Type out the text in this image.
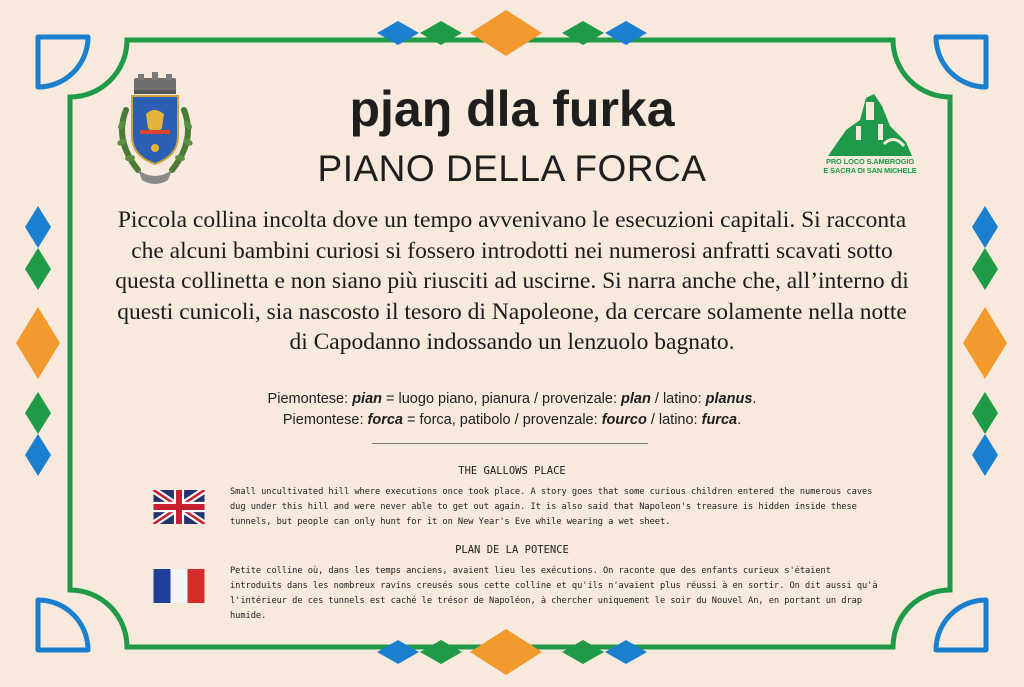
PRO LOCO S.AMBROGIO
E SACRA DI SAN MICHELE
pjaŋ dla furka
PIANO DELLA FORCA
Piccola collina incolta dove un tempo avvenivano le esecuzioni capitali. Si racconta che alcuni bambini curiosi si fossero introdotti nei numerosi anfratti scavati sotto questa collinetta e non siano più riusciti ad uscirne. Si narra anche che, all’interno di questi cunicoli, sia nascosto il tesoro di Napoleone, da cercare solamente nella notte di Capodanno indossando un lenzuolo bagnato.
Piemontese: pian = luogo piano, pianura / provenzale: plan / latino: planus.
Piemontese: forca = forca, patibolo / provenzale: fourco / latino: furca.
THE GALLOWS PLACE
Small uncultivated hill where executions once took place. A story goes that some curious children entered the numerous caves dug under this hill and were never able to get out again. It is also said that Napoleon's treasure is hidden inside these tunnels, but people can only hunt for it on New Year's Eve while wearing a wet sheet.
PLAN DE LA POTENCE
Petite colline où, dans les temps anciens, avaient lieu les exécutions. On raconte que des enfants curieux s'étaient introduits dans les nombreux ravins creusés sous cette colline et qu'ils n'avaient plus réussi à en sortir. On dit aussi qu'à l'intérieur de ces tunnels est caché le trésor de Napoléon, à chercher uniquement le soir du Nouvel An, en portant un drap humide.
